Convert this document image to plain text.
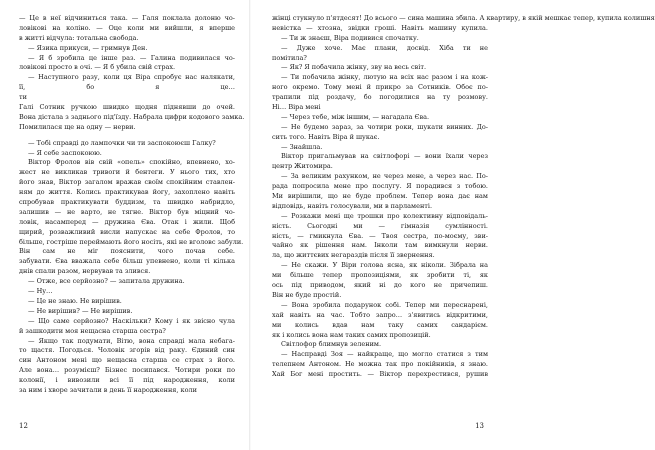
— Це в неї відчиниться така. — Галя поклала долоню чо-
ловікові на коліно. — Оце коли ми вийшли, я вперше
в житті відчула: тотальна свобода.
— Язика прикуси, — гримнув Ден.
— Я б зробила це інше раз. — Галина подивилася чо-
ловікові просто в очі. — Я б убила свій страх.
— Наступного разу, коли ця Віра спробує нас налякати,
її, бо я це…
ти
Галі Сотник ручкою швидко щодня піднявши до очей.
Вона дістала з заднього під'їзду. Набрала цифри кодового замка.
Помилилася ще на одну — нерви.
— Тобі справді до лампочки чи ти заспокоюєш Галку?
— Я себе заспокоюю.
Віктор Фролов вів свій «опель» спокійно, впевнено, хо-
жест не викликав тривоги й бентеги. У нього тих, хто
його знав, Віктор загалом вражав своїм спокійним ставлен-
ням до життя. Колись практикував йогу, захоплено навіть
спробував практикувати буддизм, та швидко набридло,
залишив — не варто, не тягне. Віктор був міцний чо-
ловік, насамперед — дружина Єва. Отак і жили. Щоб
щирий, розважливий висли напускає на себе Фролов, то
більше, гостріше переймають його носіть, які не вголовс забули.
Він сам не міг пояснити, чого почав себе.
забувати. Єва вважала себе більш упевнено, коли ті кілька
днів спали разом, нервував та злився.
— Отже, все серйозно? — запитала дружина.
— Ну…
— Це не знаю. Не вирішив.
— Не вирішив? — Не вирішив.
— Що саме серйозно? Наскільки? Кому і як звісно чула
й зашкодити моя нещасна старша сестра?
— Якщо так подумати, Вітю, вона справді мала небага-
то щастя. Погодься. Чоловік згорів від раку. Єдиний син
син Антоном мені що нещасна старша се страх з його.
Але вона… розумієш? Бізнес посипався. Чотири роки по
колонії, і вивозили всі її під народження, коли
за ним і хворе зачитали в день її народження, коли
12
жінці стукнуло п'ятдесят! До всього — сина машина збила. А квартиру, в якій мешкає тепер, купила колишня
невістка — хтозна, звідки гроші. Навіть машину купила.
— Ти ж знаєш, Віра подивися спочатку.
— Дуже хоче. Має плани, досвід. Хіба ти не
помітила?
— Як? Я побачила жінку, зву на весь світ.
— Ти побачила жінку, лютую на всіх нас разом і на кож-
ного окремо. Тому мені й прикро за Сотників. Обоє по-
трапили під роздачу, бо погодилися на ту розмову.
Ні… Віра мені
— Через тебе, між іншим, — нагадала Єва.
— Не будемо зараз, за чотири роки, шукати винних. До-
сить того. Навіть Віра й шукає.
— Знайшла.
Віктор пригальмував на світлофорі — вони їхали через
центр Житомира.
— За великим рахунком, не через мене, а через нас. По-
рада попросила мене про послугу. Я порадився з тобою.
Ми вирішили, що не буде проблем. Тепер вона дає нам
відповідь, навіть голосували, ми в парламенті.
— Розкажи мені ще трошки про колективну відповідаль-
ність. Сьогодні ми — гімназія сумлінності.
ність, — гмикнула Єва. — Твоя сестра, по-моєму, зви-
чайно як рішення нам. Інколи там вимкнули нерви.
ла, що життєвих негараздів після її звернення.
— Не скажи. У Віри голова ясна, як ніколи. Зібрала на
ми більше тепер пропозиціями, як зробити ті, як
ось під приводом, який ні до кого не причепиш.
Він не буде простій.
— Вона зробила подарунок собі. Тепер ми переснарені,
хай навіть на час. Тобто запро… з'явитись відкритими,
ми колись вдав нам таку самих сандарієм.
як і колись вона нам таких самих пропозицій.
Світлофор блимнув зеленим.
— Насправді Зоя — найкраще, що могло статися з тим
телепнем Антоном. Не можна так про покійників, я знаю.
Хай Бог мені простить. — Віктор перехрестився, рушив
13
